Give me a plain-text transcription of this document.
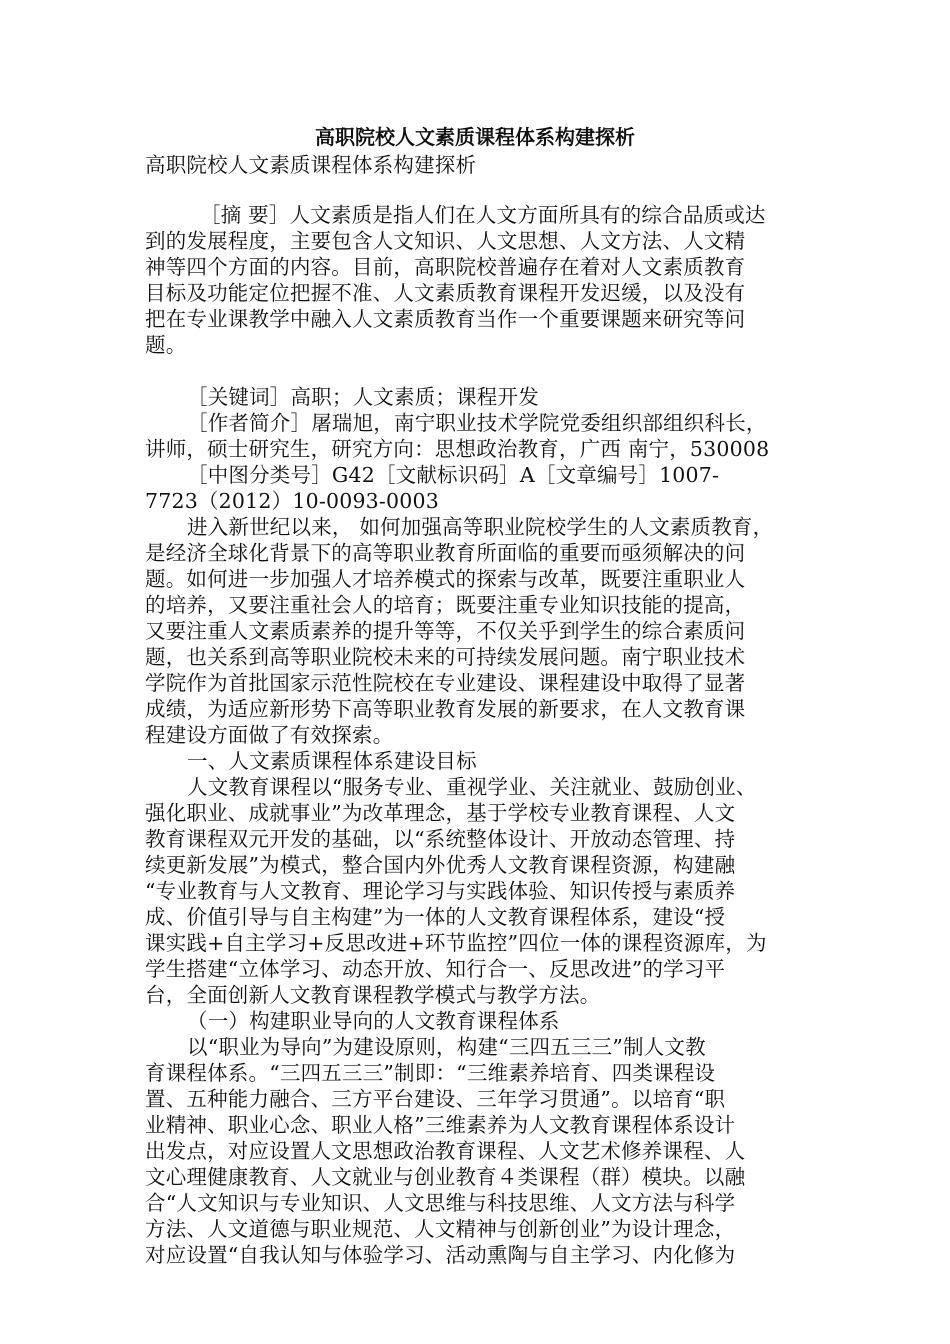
高职院校人文素质课程体系构建探析
高职院校人文素质课程体系构建探析
［摘 要］人文素质是指人们在人文方面所具有的综合品质或达
到的发展程度，主要包含人文知识、人文思想、人文方法、人文精
神等四个方面的内容。目前，高职院校普遍存在着对人文素质教育
目标及功能定位把握不准、人文素质教育课程开发迟缓，以及没有
把在专业课教学中融入人文素质教育当作一个重要课题来研究等问
题。
［关键词］高职；人文素质；课程开发
［作者简介］屠瑞旭，南宁职业技术学院党委组织部组织科长，
讲师，硕士研究生，研究方向：思想政治教育，广西 南宁，530008
［中图分类号］G42［文献标识码］A［文章编号］1007-
7723（2012）10-0093-0003
进入新世纪以来， 如何加强高等职业院校学生的人文素质教育，
是经济全球化背景下的高等职业教育所面临的重要而亟须解决的问
题。如何进一步加强人才培养模式的探索与改革，既要注重职业人
的培养，又要注重社会人的培育；既要注重专业知识技能的提高，
又要注重人文素质素养的提升等等，不仅关乎到学生的综合素质问
题，也关系到高等职业院校未来的可持续发展问题。南宁职业技术
学院作为首批国家示范性院校在专业建设、课程建设中取得了显著
成绩，为适应新形势下高等职业教育发展的新要求，在人文教育课
程建设方面做了有效探索。
一、人文素质课程体系建设目标
人文教育课程以“服务专业、重视学业、关注就业、鼓励创业、
强化职业、成就事业”为改革理念，基于学校专业教育课程、人文
教育课程双元开发的基础，以“系统整体设计、开放动态管理、持
续更新发展”为模式，整合国内外优秀人文教育课程资源，构建融
“专业教育与人文教育、理论学习与实践体验、知识传授与素质养
成、价值引导与自主构建”为一体的人文教育课程体系，建设“授
课实践+自主学习+反思改进+环节监控”四位一体的课程资源库，为
学生搭建“立体学习、动态开放、知行合一、反思改进”的学习平
台，全面创新人文教育课程教学模式与教学方法。
（一）构建职业导向的人文教育课程体系
以“职业为导向”为建设原则，构建“三四五三三”制人文教
育课程体系。“三四五三三”制即：“三维素养培育、四类课程设
置、五种能力融合、三方平台建设、三年学习贯通”。以培育“职
业精神、职业心念、职业人格”三维素养为人文教育课程体系设计
出发点，对应设置人文思想政治教育课程、人文艺术修养课程、人
文心理健康教育、人文就业与创业教育４类课程（群）模块。以融
合“人文知识与专业知识、人文思维与科技思维、人文方法与科学
方法、人文道德与职业规范、人文精神与创新创业”为设计理念，
对应设置“自我认知与体验学习、活动熏陶与自主学习、内化修为
